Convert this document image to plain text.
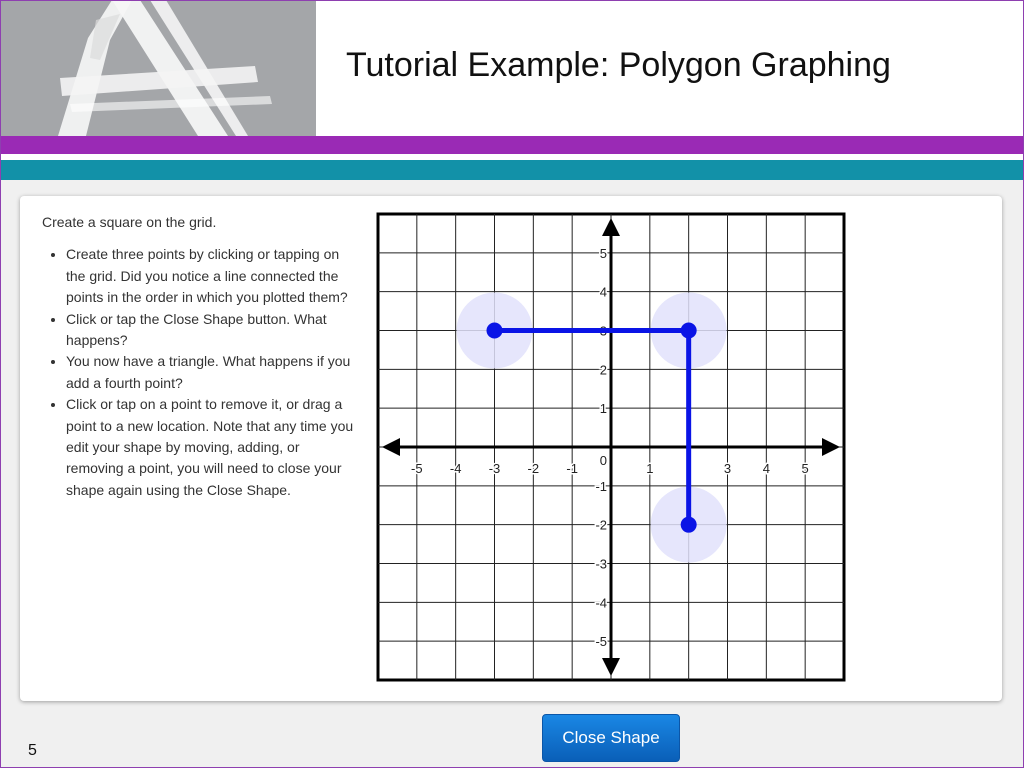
Tutorial Example: Polygon Graphing

Create a square on the grid.

• Create three points by clicking or tapping on the grid. Did you notice a line connected the points in the order in which you plotted them?
• Click or tap the Close Shape button. What happens?
• You now have a triangle. What happens if you add a fourth point?
• Click or tap on a point to remove it, or drag a point to a new location. Note that any time you edit your shape by moving, adding, or removing a point, you will need to close your shape again using the Close Shape.
-5 -4 -3 -2 -1	1	3 4 5
5
4
3
2
1
-1
-2
-3
-4
-5
0
Close Shape
5
